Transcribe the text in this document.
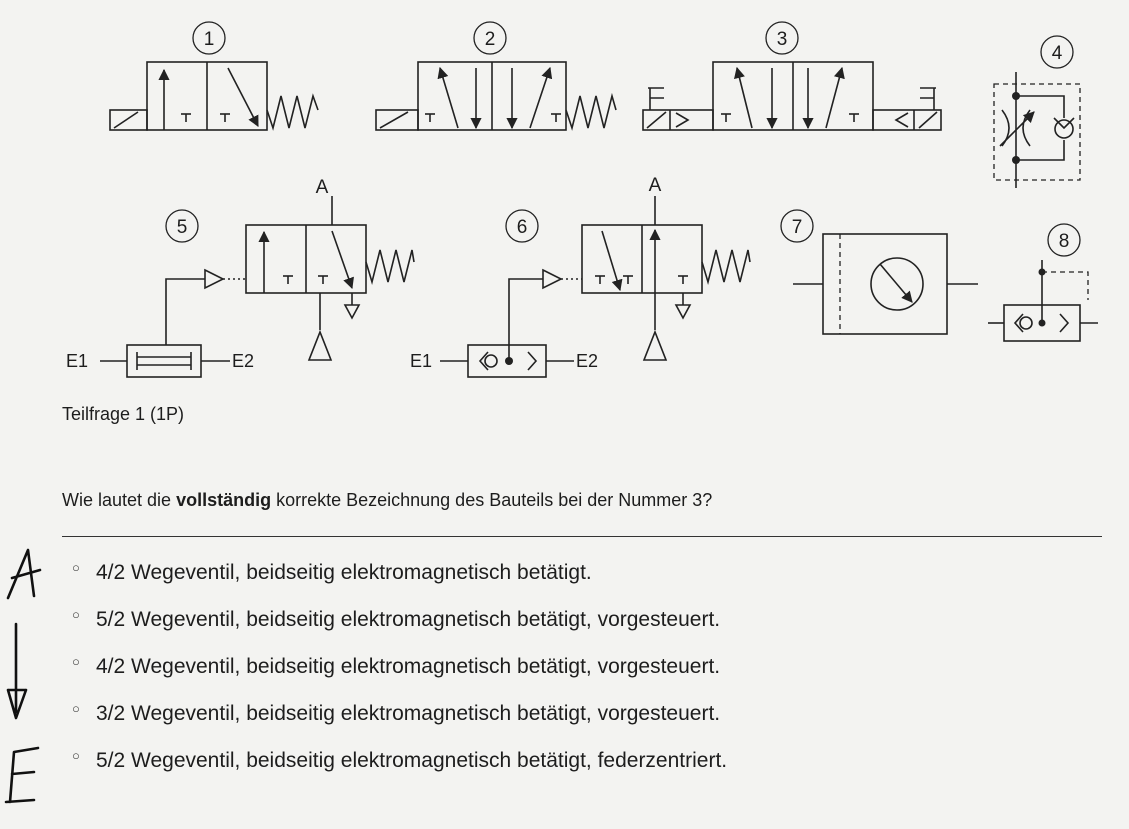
1	2	3
4
5
A
E1	E2
6
A
E1	E2
7
8
Teilfrage 1 (1P)
Wie lautet die vollständig korrekte Bezeichnung des Bauteils bei der Nummer 3?
○ 4/2 Wegeventil, beidseitig elektromagnetisch betätigt.
○ 5/2 Wegeventil, beidseitig elektromagnetisch betätigt, vorgesteuert.
○ 4/2 Wegeventil, beidseitig elektromagnetisch betätigt, vorgesteuert.
○ 3/2 Wegeventil, beidseitig elektromagnetisch betätigt, vorgesteuert.
○ 5/2 Wegeventil, beidseitig elektromagnetisch betätigt, federzentriert.
